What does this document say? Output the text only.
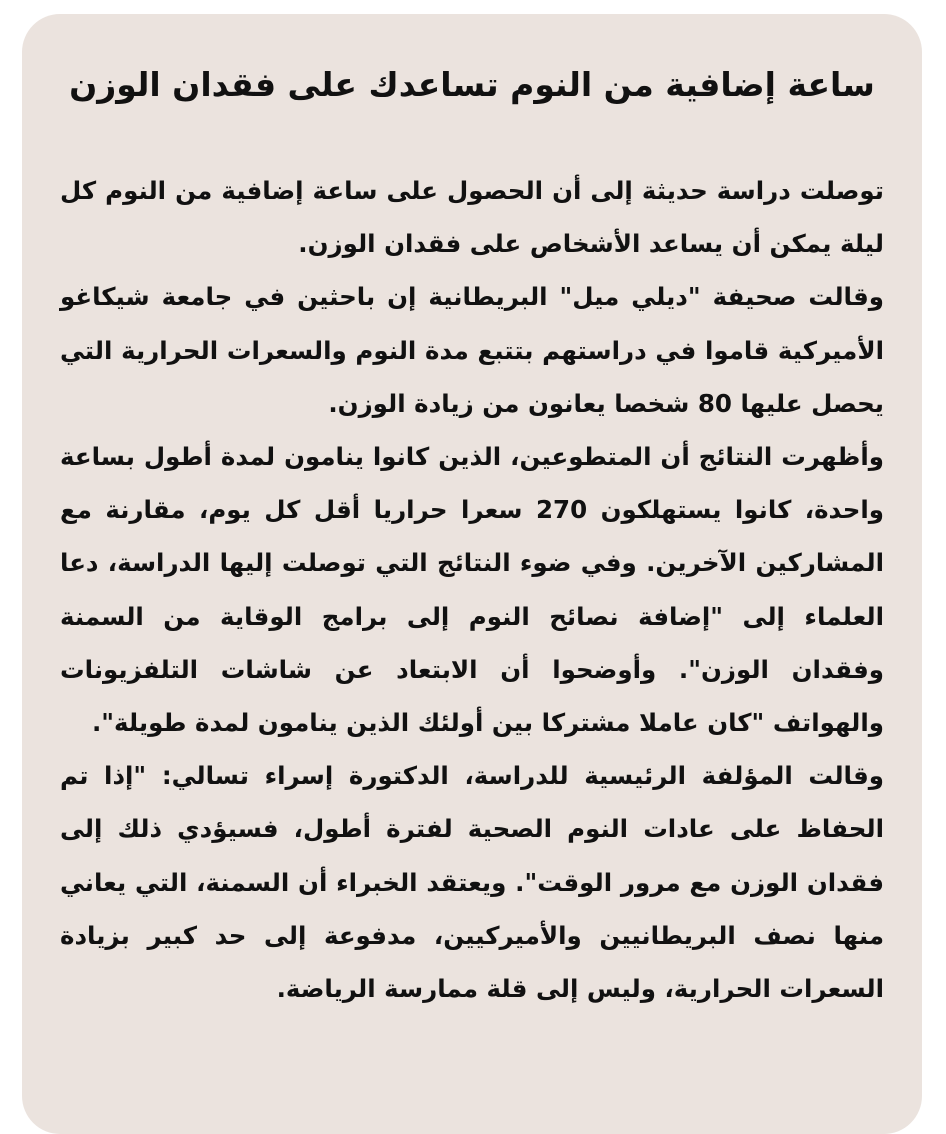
ساعة إضافية من النوم تساعدك على فقدان الوزن

توصلت دراسة حديثة إلى أن الحصول على ساعة إضافية من النوم كل ليلة يمكن أن يساعد الأشخاص على فقدان الوزن.

وقالت صحيفة "ديلي ميل" البريطانية إن باحثين في جامعة شيكاغو الأميركية قاموا في دراستهم بتتبع مدة النوم والسعرات الحرارية التي يحصل عليها 80 شخصا يعانون من زيادة الوزن.

وأظهرت النتائج أن المتطوعين، الذين كانوا ينامون لمدة أطول بساعة واحدة، كانوا يستهلكون 270 سعرا حراريا أقل كل يوم، مقارنة مع المشاركين الآخرين. وفي ضوء النتائج التي توصلت إليها الدراسة، دعا العلماء إلى "إضافة نصائح النوم إلى برامج الوقاية من السمنة وفقدان الوزن". وأوضحوا أن الابتعاد عن شاشات التلفزيونات والهواتف "كان عاملا مشتركا بين أولئك الذين ينامون لمدة طويلة".

وقالت المؤلفة الرئيسية للدراسة، الدكتورة إسراء تسالي: "إذا تم الحفاظ على عادات النوم الصحية لفترة أطول، فسيؤدي ذلك إلى فقدان الوزن مع مرور الوقت". ويعتقد الخبراء أن السمنة، التي يعاني منها نصف البريطانيين والأميركيين، مدفوعة إلى حد كبير بزيادة السعرات الحرارية، وليس إلى قلة ممارسة الرياضة.
